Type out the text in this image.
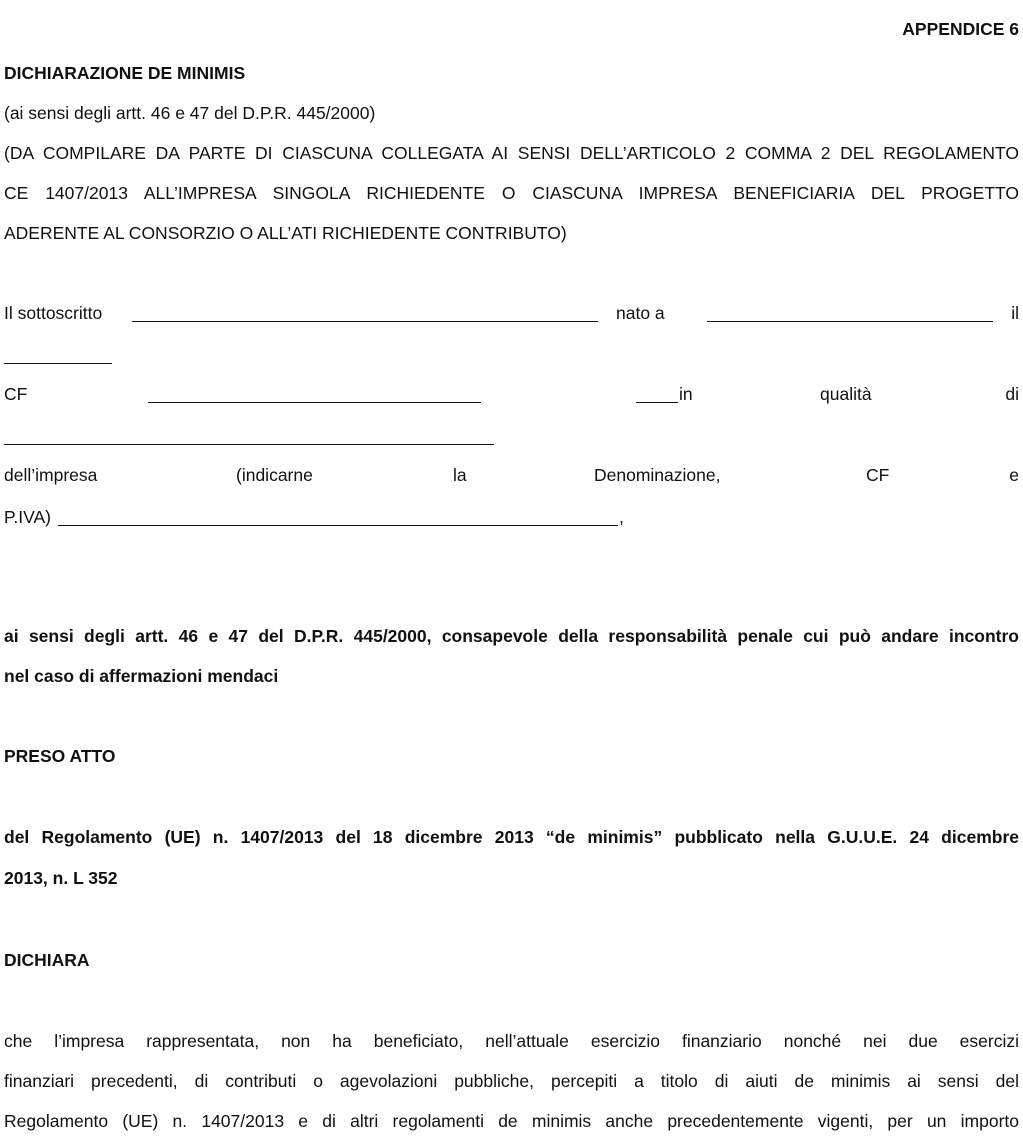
APPENDICE 6

DICHIARAZIONE DE MINIMIS

(ai sensi degli artt. 46 e 47 del D.P.R. 445/2000)

(DA COMPILARE DA PARTE DI CIASCUNA COLLEGATA AI SENSI DELL’ARTICOLO 2 COMMA 2 DEL REGOLAMENTO

CE 1407/2013 ALL’IMPRESA SINGOLA RICHIEDENTE O CIASCUNA IMPRESA BENEFICIARIA DEL PROGETTO

ADERENTE AL CONSORZIO O ALL’ATI RICHIEDENTE CONTRIBUTO)

Il sottoscritto	nato a	il
CF	in	qualità	di
dell’impresa	(indicarne	la	Denominazione,	CF	e
P.IVA)	,

ai sensi degli artt. 46 e 47 del D.P.R. 445/2000, consapevole della responsabilità penale cui può andare incontro

nel caso di affermazioni mendaci

PRESO ATTO

del Regolamento (UE) n. 1407/2013 del 18 dicembre 2013 “de minimis” pubblicato nella G.U.U.E. 24 dicembre

2013, n. L 352

DICHIARA

che l’impresa rappresentata, non ha beneficiato, nell’attuale esercizio finanziario nonché nei due esercizi

finanziari precedenti, di contributi o agevolazioni pubbliche, percepiti a titolo di aiuti de minimis ai sensi del

Regolamento (UE) n. 1407/2013 e di altri regolamenti de minimis anche precedentemente vigenti, per un importo
